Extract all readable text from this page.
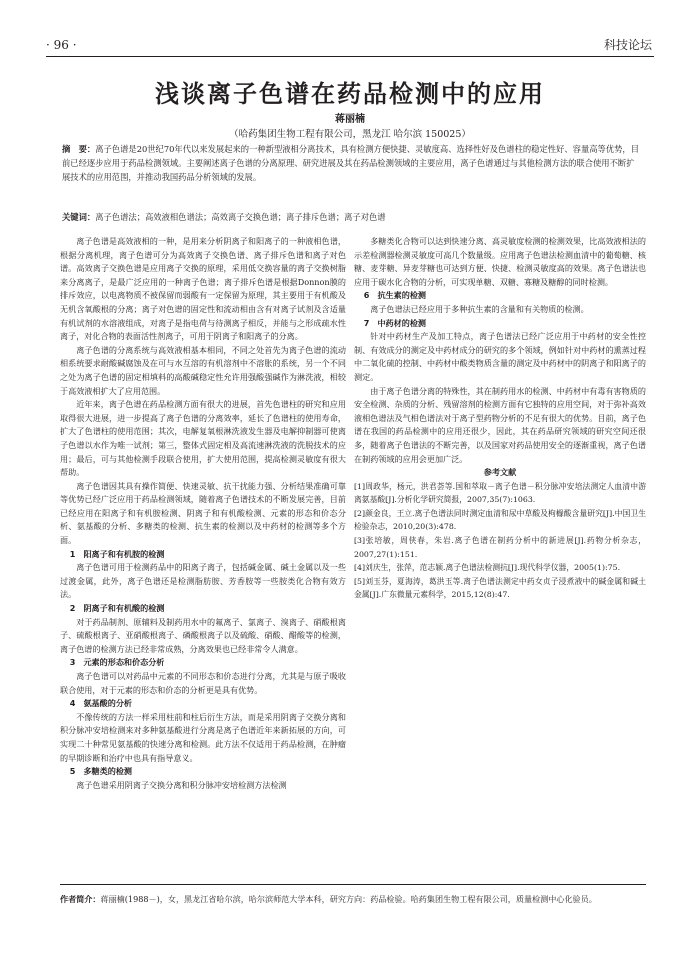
· 96 ·	科技论坛
浅谈离子色谱在药品检测中的应用
蒋丽楠
（哈药集团生物工程有限公司，黑龙江 哈尔滨 150025）
摘　要：离子色谱是20世纪70年代以来发展起来的一种新型液相分离技术，具有检测方便快捷、灵敏度高、选择性好及色谱柱的稳定性好、容量高等优势，目前已经逐步应用于药品检测领域。主要阐述离子色谱的分离原理、研究进展及其在药品检测领域的主要应用，离子色谱通过与其他检测方法的联合使用不断扩展技术的应用范围，并推动我国药品分析领域的发展。
关键词：离子色谱法；高效液相色谱法；高效离子交换色谱；离子排斥色谱；离子对色谱

离子色谱是高效液相的一种，是用来分析阴离子和阳离子的一种液相色谱，根据分离机理，离子色谱可分为高效离子交换色谱、离子排斥色谱和离子对色谱。高效离子交换色谱是应用离子交换的原理，采用低交换容量的离子交换树脂来分离离子，是最广泛应用的一种离子色谱；离子排斥色谱是根据Donnon膜的排斥效应，以电离物质不被保留而弱酸有一定保留为原理，其主要用于有机酸及无机含氧酸根的分离；离子对色谱的固定性和流动相由含有对离子试剂及含适量有机试剂的水溶液组成，对离子是指电荷与待测离子相反，并能与之形成疏水性离子，对化合物的表面活性剂离子，可用于阴离子和阳离子的分离。

离子色谱的分离系统与高效液相基本相同，不同之处首先为离子色谱的流动相系统要求耐酸碱腐蚀及在可与水互溶的有机溶剂中不溶胀的系统，另一个不同之处为离子色谱的固定相填料的高酸碱稳定性允许用强酸强碱作为淋洗液，相较于高效液相扩大了应用范围。

近年来，离子色谱在药品检测方面有很大的进展，首先色谱柱的研究和应用取得很大进展，进一步提高了离子色谱的分离效率，延长了色谱柱的使用寿命，扩大了色谱柱的使用范围；其次，电解复氧根淋洗液发生器及电解抑制器可使离子色谱以水作为唯一试剂；第三，整体式固定相及高流速淋洗液的洗脱技术的应用；最后，可与其他检测手段联合使用，扩大使用范围，提高检测灵敏度有很大帮助。

离子色谱因其具有操作简便、快速灵敏、抗干扰能力强、分析结果准确可靠等优势已经广泛应用于药品检测领域，随着离子色谱技术的不断发展完善，目前已经应用在阳离子和有机胺检测、阴离子和有机酸检测、元素的形态和价态分析、氨基酸的分析、多糖类的检测、抗生素的检测以及中药材的检测等多个方面。

1　阳离子和有机胺的检测

离子色谱可用于检测药品中的阳离子离子，包括碱金属、碱土金属以及一些过渡金属，此外，离子色谱还是检测脂肪胺、芳香胺等一些胺类化合物有效方法。

2　阴离子和有机酸的检测

对于药品制剂、原辅料及制药用水中的氟离子、氯离子、溴离子、硝酸根离子、硫酸根离子、亚硝酸根离子、磷酸根离子以及硫酸、硝酸、醋酸等的检测，离子色谱的检测方法已经非常成熟，分离效果也已经非常令人满意。

3　元素的形态和价态分析

离子色谱可以对药品中元素的不同形态和价态进行分离，尤其是与原子吸收联合使用，对于元素的形态和价态的分析更是具有优势。

4　氨基酸的分析

不像传统的方法一样采用柱前和柱后衍生方法，而是采用阴离子交换分离和积分脉冲安培检测来对多种氨基酸进行分离是离子色谱近年来新拓展的方向，可实现二十种常见氨基酸的快速分离和检测。此方法不仅适用于药品检测，在肿瘤的早期诊断和治疗中也具有指导意义。

5　多糖类的检测

离子色谱采用阴离子交换分离和积分脉冲安培检测方法检测

多糖类化合物可以达到快速分离、高灵敏度检测的检测效果，比高效液相法的示差检测器检测灵敏度可高几个数量级。应用离子色谱法检测血清中的葡萄糖、核糖、麦芽糖、异麦芽糖也可达到方便、快捷、检测灵敏度高的效果。离子色谱法也应用于碳水化合物的分析，可实现单糖、双糖、寡糖及糖醇的同时检测。

6　抗生素的检测

离子色谱法已经应用于多种抗生素的含量和有关物质的检测。

7　中药材的检测

针对中药材生产及加工特点，离子色谱法已经广泛应用于中药材的安全性控制、有效成分的测定及中药材成分的研究的多个领域，例如针对中药材的熏蒸过程中二氧化硫的控制、中药材中酸类物质含量的测定及中药材中的阴离子和阳离子的测定。

由于离子色谱分离的特殊性，其在制药用水的检测、中药材中有毒有害物质的安全检测、杂质的分析、残留溶剂的检测方面有它独特的应用空间，对于弥补高效液相色谱法及气相色谱法对于离子型药物分析的不足有很大的优势。目前，离子色谱在我国的药品检测中的应用还很少，因此，其在药品研究领域的研究空间还很多，随着离子色谱法的不断完善，以及国家对药品使用安全的逐渐重视，离子色谱在制药领域的应用会更加广泛。

参考文献
[1]周政华，杨元，洪君荟等.国和萃取－离子色谱－积分脉冲安培法测定人血清中游离氨基酸[J].分析化学研究简报，2007,35(7):1063.
[2]颜金良，王立.离子色谱法同时测定血清和尿中草酸及枸橼酸含量研究[J].中国卫生检验杂志，2010,20(3):478.
[3]张培敏，周侠春，朱岩.离子色谱在制药分析中的新进展[J].药物分析杂志，2007,27(1):151.
[4]刘庆生，张萍，范志颖.离子色谱法检测抗[J].现代科学仪器，2005(1):75.
[5]刘玉芬，夏海涛，葛洪玉等.离子色谱法测定中药女贞子浸煮液中的碱金属和碱土金属[J].广东微量元素科学，2015,12(8):47.
作者简介：蒋丽楠(1988－)，女，黑龙江省哈尔滨，哈尔滨师范大学本科，研究方向：药品检验。哈药集团生物工程有限公司，质量检测中心化验员。
